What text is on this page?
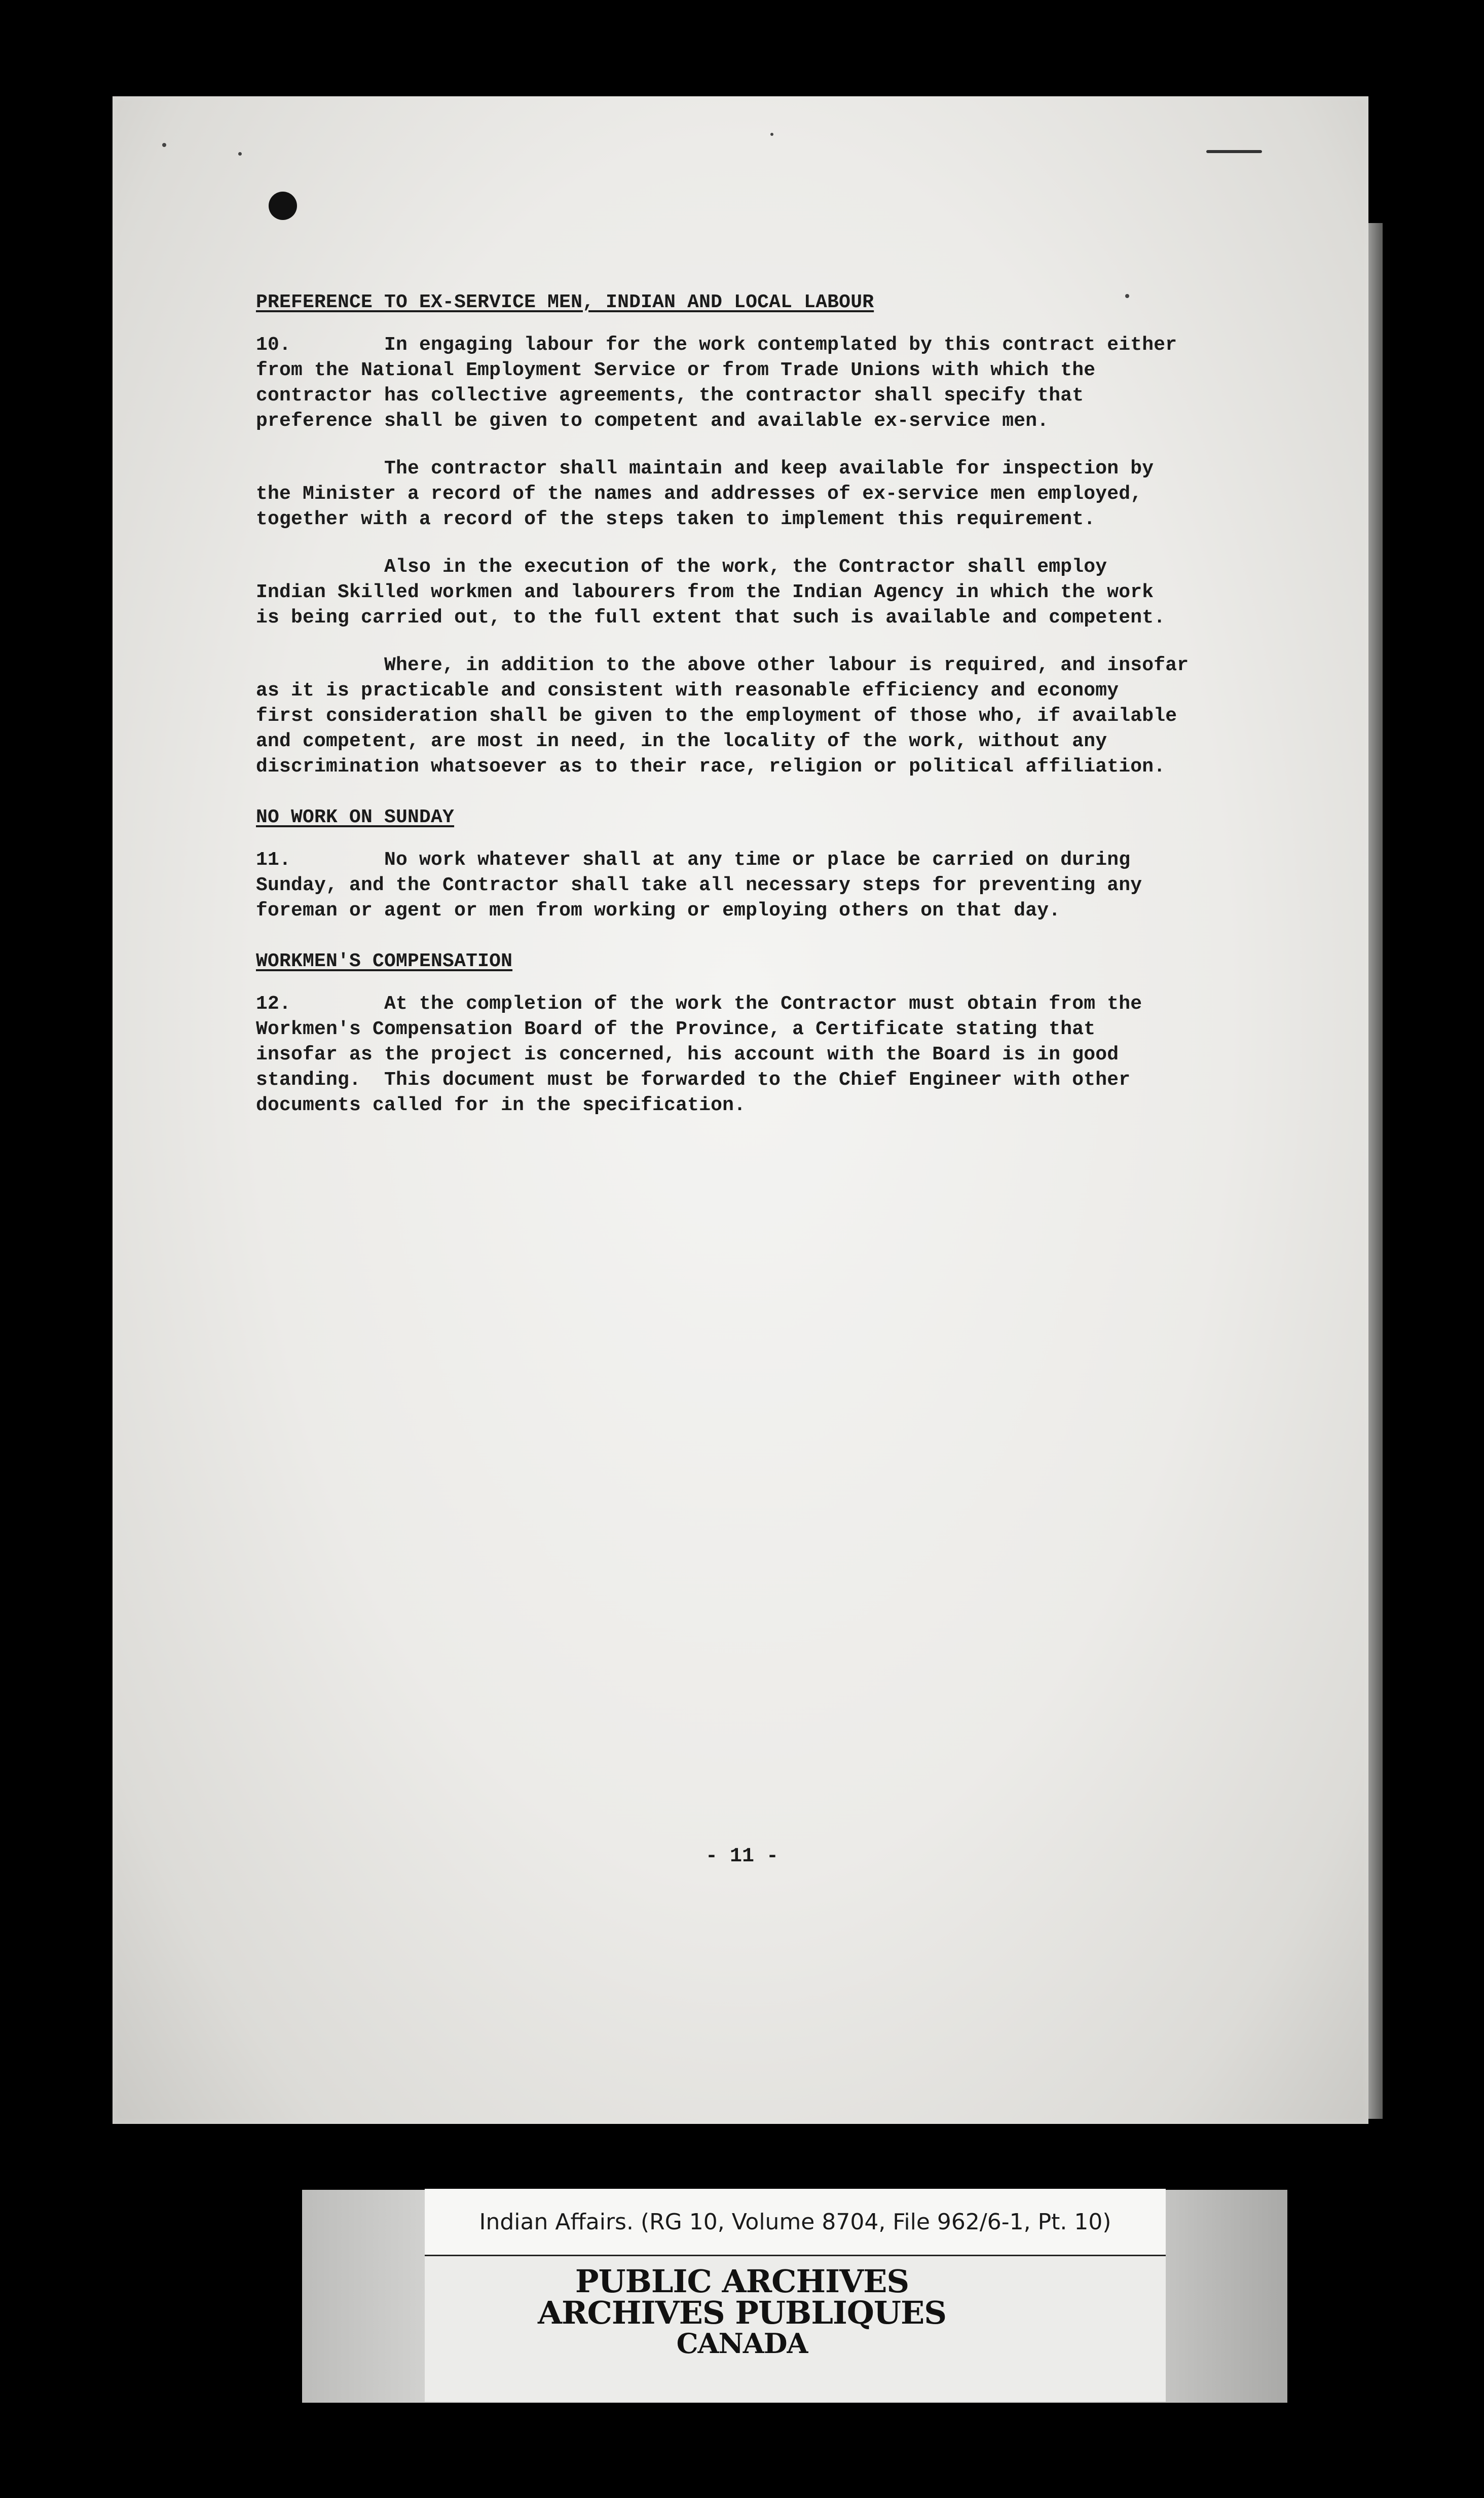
PREFERENCE TO EX-SERVICE MEN, INDIAN AND LOCAL LABOUR

10.        In engaging labour for the work contemplated by this contract either

from the National Employment Service or from Trade Unions with which the

contractor has collective agreements, the contractor shall specify that

preference shall be given to competent and available ex-service men.

The contractor shall maintain and keep available for inspection by

the Minister a record of the names and addresses of ex-service men employed,

together with a record of the steps taken to implement this requirement.

Also in the execution of the work, the Contractor shall employ

Indian Skilled workmen and labourers from the Indian Agency in which the work

is being carried out, to the full extent that such is available and competent.

Where, in addition to the above other labour is required, and insofar

as it is practicable and consistent with reasonable efficiency and economy

first consideration shall be given to the employment of those who, if available

and competent, are most in need, in the locality of the work, without any

discrimination whatsoever as to their race, religion or political affiliation.

NO WORK ON SUNDAY

11.        No work whatever shall at any time or place be carried on during

Sunday, and the Contractor shall take all necessary steps for preventing any

foreman or agent or men from working or employing others on that day.

WORKMEN'S COMPENSATION

12.        At the completion of the work the Contractor must obtain from the

Workmen's Compensation Board of the Province, a Certificate stating that

insofar as the project is concerned, his account with the Board is in good

standing.  This document must be forwarded to the Chief Engineer with other

documents called for in the specification.

- 11 -
Indian Affairs. (RG 10, Volume 8704, File 962/6-1, Pt. 10)
PUBLIC ARCHIVES
ARCHIVES PUBLIQUES
CANADA
